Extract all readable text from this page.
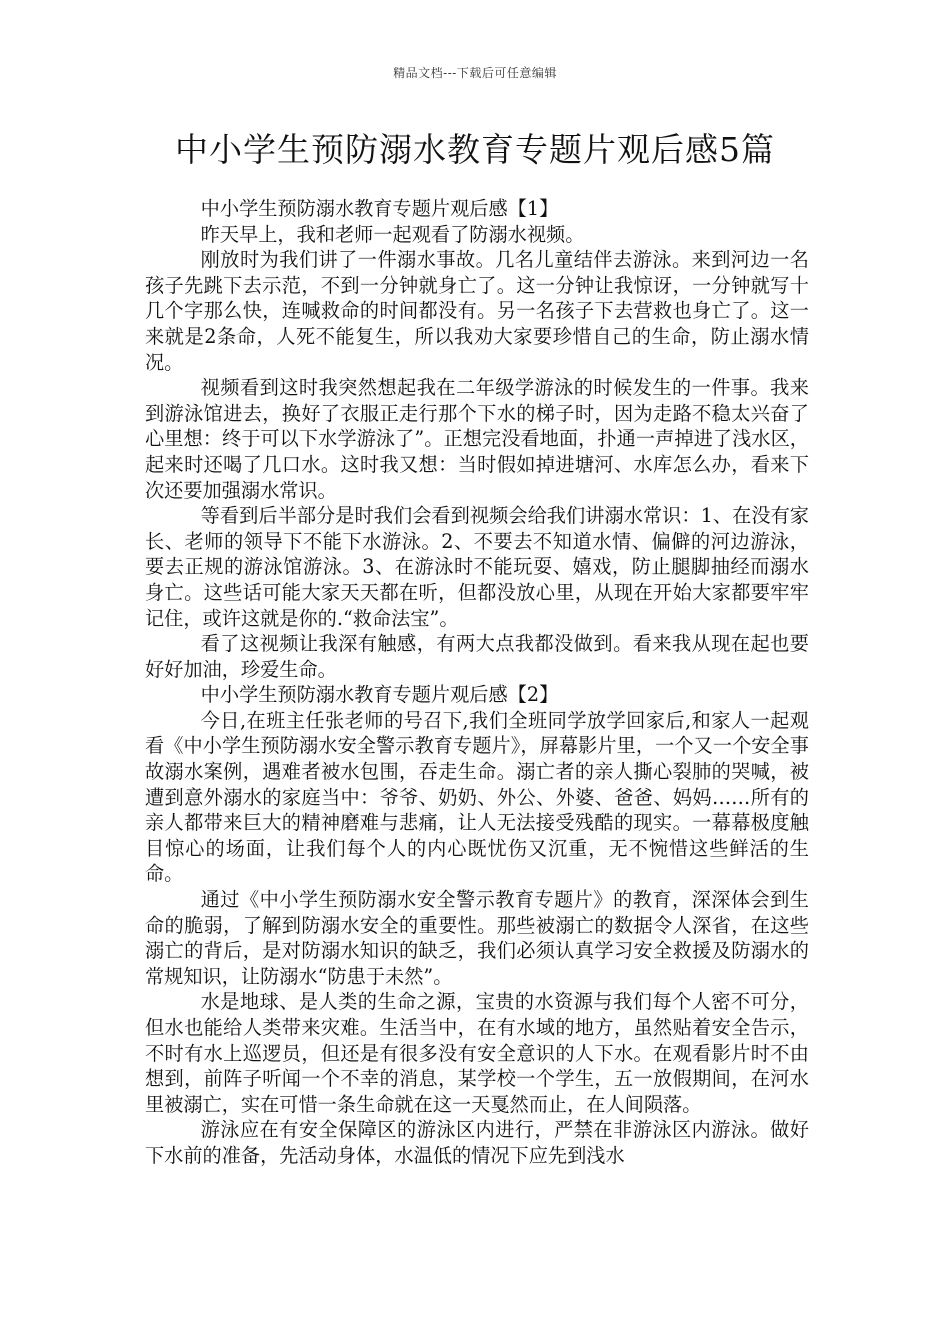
精品文档---下载后可任意编辑
中小学生预防溺水教育专题片观后感5篇

中小学生预防溺水教育专题片观后感【1】

昨天早上，我和老师一起观看了防溺水视频。

刚放时为我们讲了一件溺水事故。几名儿童结伴去游泳。来到河边一名孩子先跳下去示范，不到一分钟就身亡了。这一分钟让我惊讶，一分钟就写十几个字那么快，连喊救命的时间都没有。另一名孩子下去营救也身亡了。这一来就是2条命，人死不能复生，所以我劝大家要珍惜自己的生命，防止溺水情况。

视频看到这时我突然想起我在二年级学游泳的时候发生的一件事。我来到游泳馆进去，换好了衣服正走行那个下水的梯子时，因为走路不稳太兴奋了心里想：终于可以下水学游泳了”。正想完没看地面，扑通一声掉进了浅水区，起来时还喝了几口水。这时我又想：当时假如掉进塘河、水库怎么办，看来下次还要加强溺水常识。

等看到后半部分是时我们会看到视频会给我们讲溺水常识：1、在没有家长、老师的领导下不能下水游泳。2、不要去不知道水情、偏僻的河边游泳，要去正规的游泳馆游泳。3、在游泳时不能玩耍、嬉戏，防止腿脚抽经而溺水身亡。这些话可能大家天天都在听，但都没放心里，从现在开始大家都要牢牢记住，或许这就是你的.“救命法宝”。

看了这视频让我深有触感，有两大点我都没做到。看来我从现在起也要好好加油，珍爱生命。

中小学生预防溺水教育专题片观后感【2】

今日,在班主任张老师的号召下,我们全班同学放学回家后,和家人一起观看《中小学生预防溺水安全警示教育专题片》，屏幕影片里，一个又一个安全事故溺水案例，遇难者被水包围，吞走生命。溺亡者的亲人撕心裂肺的哭喊，被遭到意外溺水的家庭当中：爷爷、奶奶、外公、外婆、爸爸、妈妈……所有的亲人都带来巨大的精神磨难与悲痛，让人无法接受残酷的现实。一幕幕极度触目惊心的场面，让我们每个人的内心既忧伤又沉重，无不惋惜这些鲜活的生命。

通过《中小学生预防溺水安全警示教育专题片》的教育，深深体会到生命的脆弱，了解到防溺水安全的重要性。那些被溺亡的数据令人深省，在这些溺亡的背后，是对防溺水知识的缺乏，我们必须认真学习安全救援及防溺水的常规知识，让防溺水“防患于未然”。

水是地球、是人类的生命之源，宝贵的水资源与我们每个人密不可分，但水也能给人类带来灾难。生活当中，在有水域的地方，虽然贴着安全告示，不时有水上巡逻员，但还是有很多没有安全意识的人下水。在观看影片时不由想到，前阵子听闻一个不幸的消息，某学校一个学生，五一放假期间，在河水里被溺亡，实在可惜一条生命就在这一天戛然而止，在人间陨落。

游泳应在有安全保障区的游泳区内进行，严禁在非游泳区内游泳。做好下水前的准备，先活动身体，水温低的情况下应先到浅水
